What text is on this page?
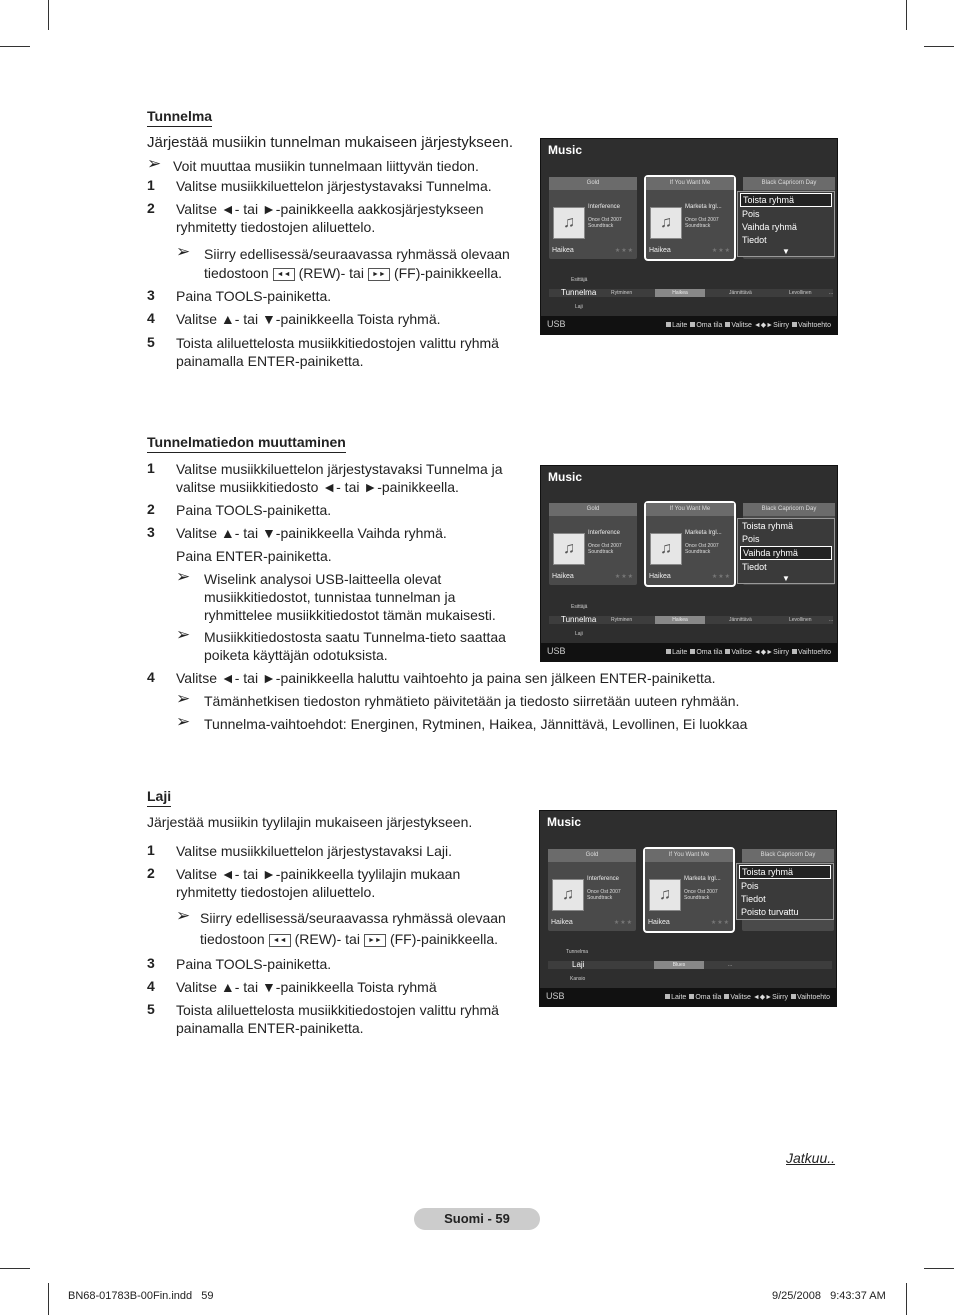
Tunnelma
Järjestää musiikin tunnelman mukaiseen järjestykseen.
➢ Voit muuttaa musiikin tunnelmaan liittyvän tiedon.
1 Valitse musiikkiluettelon järjestystavaksi Tunnelma.
2 Valitse ◄- tai ►-painikkeella aakkosjärjestykseen
ryhmitetty tiedostojen aliluettelo.
➢ Siirry edellisessä/seuraavassa ryhmässä olevaan
tiedostoon ◄◄ (REW)- tai ►► (FF)-painikkeella.
3 Paina TOOLS-painiketta.
4 Valitse ▲- tai ▼-painikkeella Toista ryhmä.
5 Toista aliluettelosta musiikkitiedostojen valittu ryhmä
painamalla ENTER-painiketta.
Music
Gold
♫
Interference
Once Ost 2007 Soundtrack
Haikea	★★★
If You Want Me
♫
Marketa Irgl...
Once Ost 2007 Soundtrack
Haikea	★★★
Black Capricorn Day
Toista ryhmä
Pois
Vaihda ryhmä
Tiedot
▼
Esittäjä
Tunnelma	Rytminen	Haikea	Jännittävä	Levollinen	...
Laji
USB	Laite Oma tila Valitse ◄◆►Siirry Vaihtoehto
Tunnelmatiedon muuttaminen
1 Valitse musiikkiluettelon järjestystavaksi Tunnelma ja
valitse musiikkitiedosto ◄- tai ►-painikkeella.
2 Paina TOOLS-painiketta.
3 Valitse ▲- tai ▼-painikkeella Vaihda ryhmä.
Paina ENTER-painiketta.
➢ Wiselink analysoi USB-laitteella olevat
musiikkitiedostot, tunnistaa tunnelman ja
ryhmittelee musiikkitiedostot tämän mukaisesti.
➢ Musiikkitiedostosta saatu Tunnelma-tieto saattaa
poiketa käyttäjän odotuksista.
4 Valitse ◄- tai ►-painikkeella haluttu vaihtoehto ja paina sen jälkeen ENTER-painiketta.
➢ Tämänhetkisen tiedoston ryhmätieto päivitetään ja tiedosto siirretään uuteen ryhmään.
➢ Tunnelma-vaihtoehdot: Energinen, Rytminen, Haikea, Jännittävä, Levollinen, Ei luokkaa
Music
Gold
♫
Interference
Once Ost 2007 Soundtrack
Haikea	★★★
If You Want Me
♫
Marketa Irgl...
Once Ost 2007 Soundtrack
Haikea	★★★
Black Capricorn Day
Toista ryhmä
Pois
Vaihda ryhmä
Tiedot
▼
Esittäjä
Tunnelma	Rytminen	Haikea	Jännittävä	Levollinen	...
Laji
USB	Laite Oma tila Valitse ◄◆►Siirry Vaihtoehto
Laji
Järjestää musiikin tyylilajin mukaiseen järjestykseen.
1 Valitse musiikkiluettelon järjestystavaksi Laji.
2 Valitse ◄- tai ►-painikkeella tyylilajin mukaan
ryhmitetty tiedostojen aliluettelo.
➢ Siirry edellisessä/seuraavassa ryhmässä olevaan
tiedostoon ◄◄ (REW)- tai ►► (FF)-painikkeella.
3 Paina TOOLS-painiketta.
4 Valitse ▲- tai ▼-painikkeella Toista ryhmä
5 Toista aliluettelosta musiikkitiedostojen valittu ryhmä
painamalla ENTER-painiketta.
Music
Gold
♫
Interference
Once Ost 2007 Soundtrack
Haikea	★★★
If You Want Me
♫
Marketa Irgl...
Once Ost 2007 Soundtrack
Haikea	★★★
Black Capricorn Day
Toista ryhmä
Pois
Tiedot
Poisto turvattu
Tunnelma
Laji	Blues	...
Kansio
USB	Laite Oma tila Valitse ◄◆►Siirry Vaihtoehto
Jatkuu..
Suomi - 59
BN68-01783B-00Fin.indd   59	9/25/2008   9:43:37 AM
